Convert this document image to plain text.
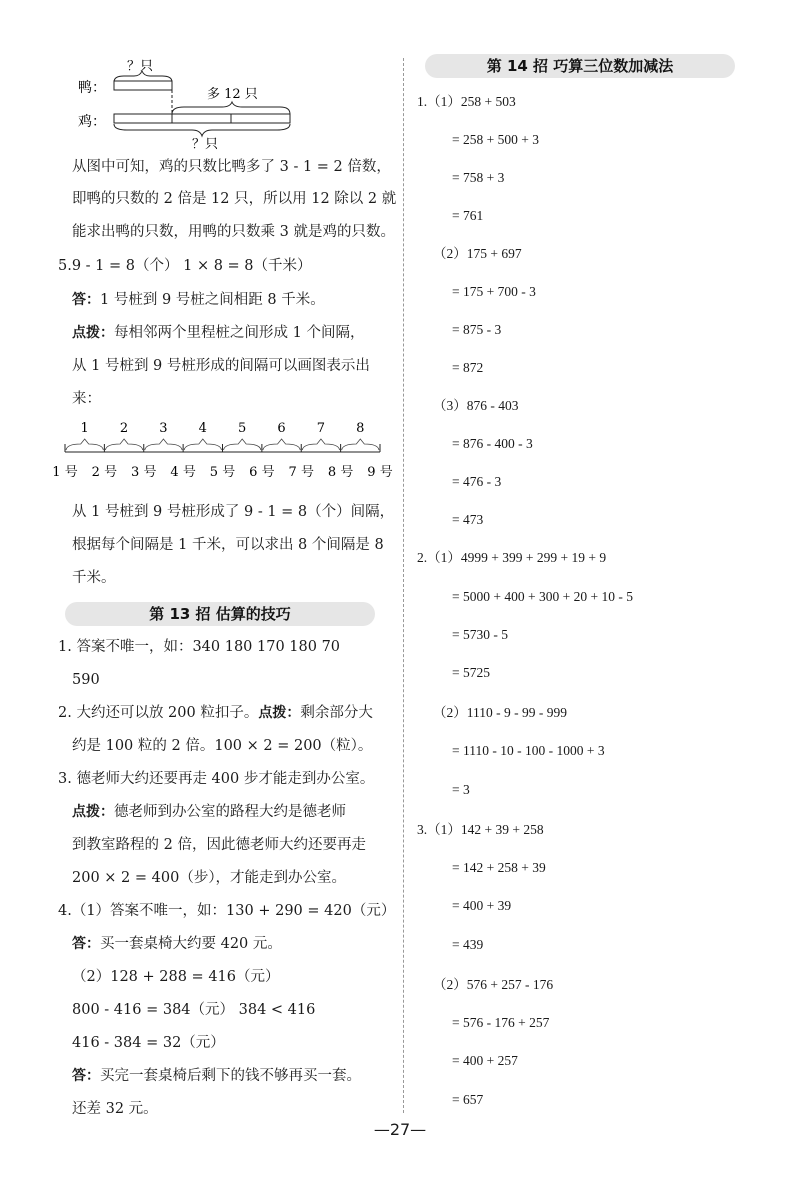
？只
鸭：	多 12 只
鸡：
？只
从图中可知，鸡的只数比鸭多了 3 - 1 = 2 倍数，
即鸭的只数的 2 倍是 12 只，所以用 12 除以 2 就
能求出鸭的只数，用鸭的只数乘 3 就是鸡的只数。
5.9 - 1 = 8（个） 1 × 8 = 8（千米）
答：1 号桩到 9 号桩之间相距 8 千米。
点拨：每相邻两个里程桩之间形成 1 个间隔，
从 1 号桩到 9 号桩形成的间隔可以画图表示出
来：
1 号 2 号 3 号 4 号 5 号 6 号 7 号 8 号 9 号
1 2 3 4 5 6 7 8
从 1 号桩到 9 号桩形成了 9 - 1 = 8（个）间隔，
根据每个间隔是 1 千米，可以求出 8 个间隔是 8
千米。
第 13 招 估算的技巧
1. 答案不唯一，如：340 180 170 180 70
590
2. 大约还可以放 200 粒扣子。点拨：剩余部分大
约是 100 粒的 2 倍。100 × 2 = 200（粒）。
3. 德老师大约还要再走 400 步才能走到办公室。
点拨：德老师到办公室的路程大约是德老师
到教室路程的 2 倍，因此德老师大约还要再走
200 × 2 = 400（步），才能走到办公室。
4.（1）答案不唯一，如：130 + 290 = 420（元）
答：买一套桌椅大约要 420 元。
（2）128 + 288 = 416（元）
800 - 416 = 384（元） 384 < 416
416 - 384 = 32（元）
答：买完一套桌椅后剩下的钱不够再买一套。
还差 32 元。
第 14 招 巧算三位数加减法
1.（1）258 + 503
= 258 + 500 + 3
= 758 + 3
= 761
（2）175 + 697
= 175 + 700 - 3
= 875 - 3
= 872
（3）876 - 403
= 876 - 400 - 3
= 476 - 3
= 473
2.（1）4999 + 399 + 299 + 19 + 9
= 5000 + 400 + 300 + 20 + 10 - 5
= 5730 - 5
= 5725
（2）1110 - 9 - 99 - 999
= 1110 - 10 - 100 - 1000 + 3
= 3
3.（1）142 + 39 + 258
= 142 + 258 + 39
= 400 + 39
= 439
（2）576 + 257 - 176
= 576 - 176 + 257
= 400 + 257
= 657
—27—
